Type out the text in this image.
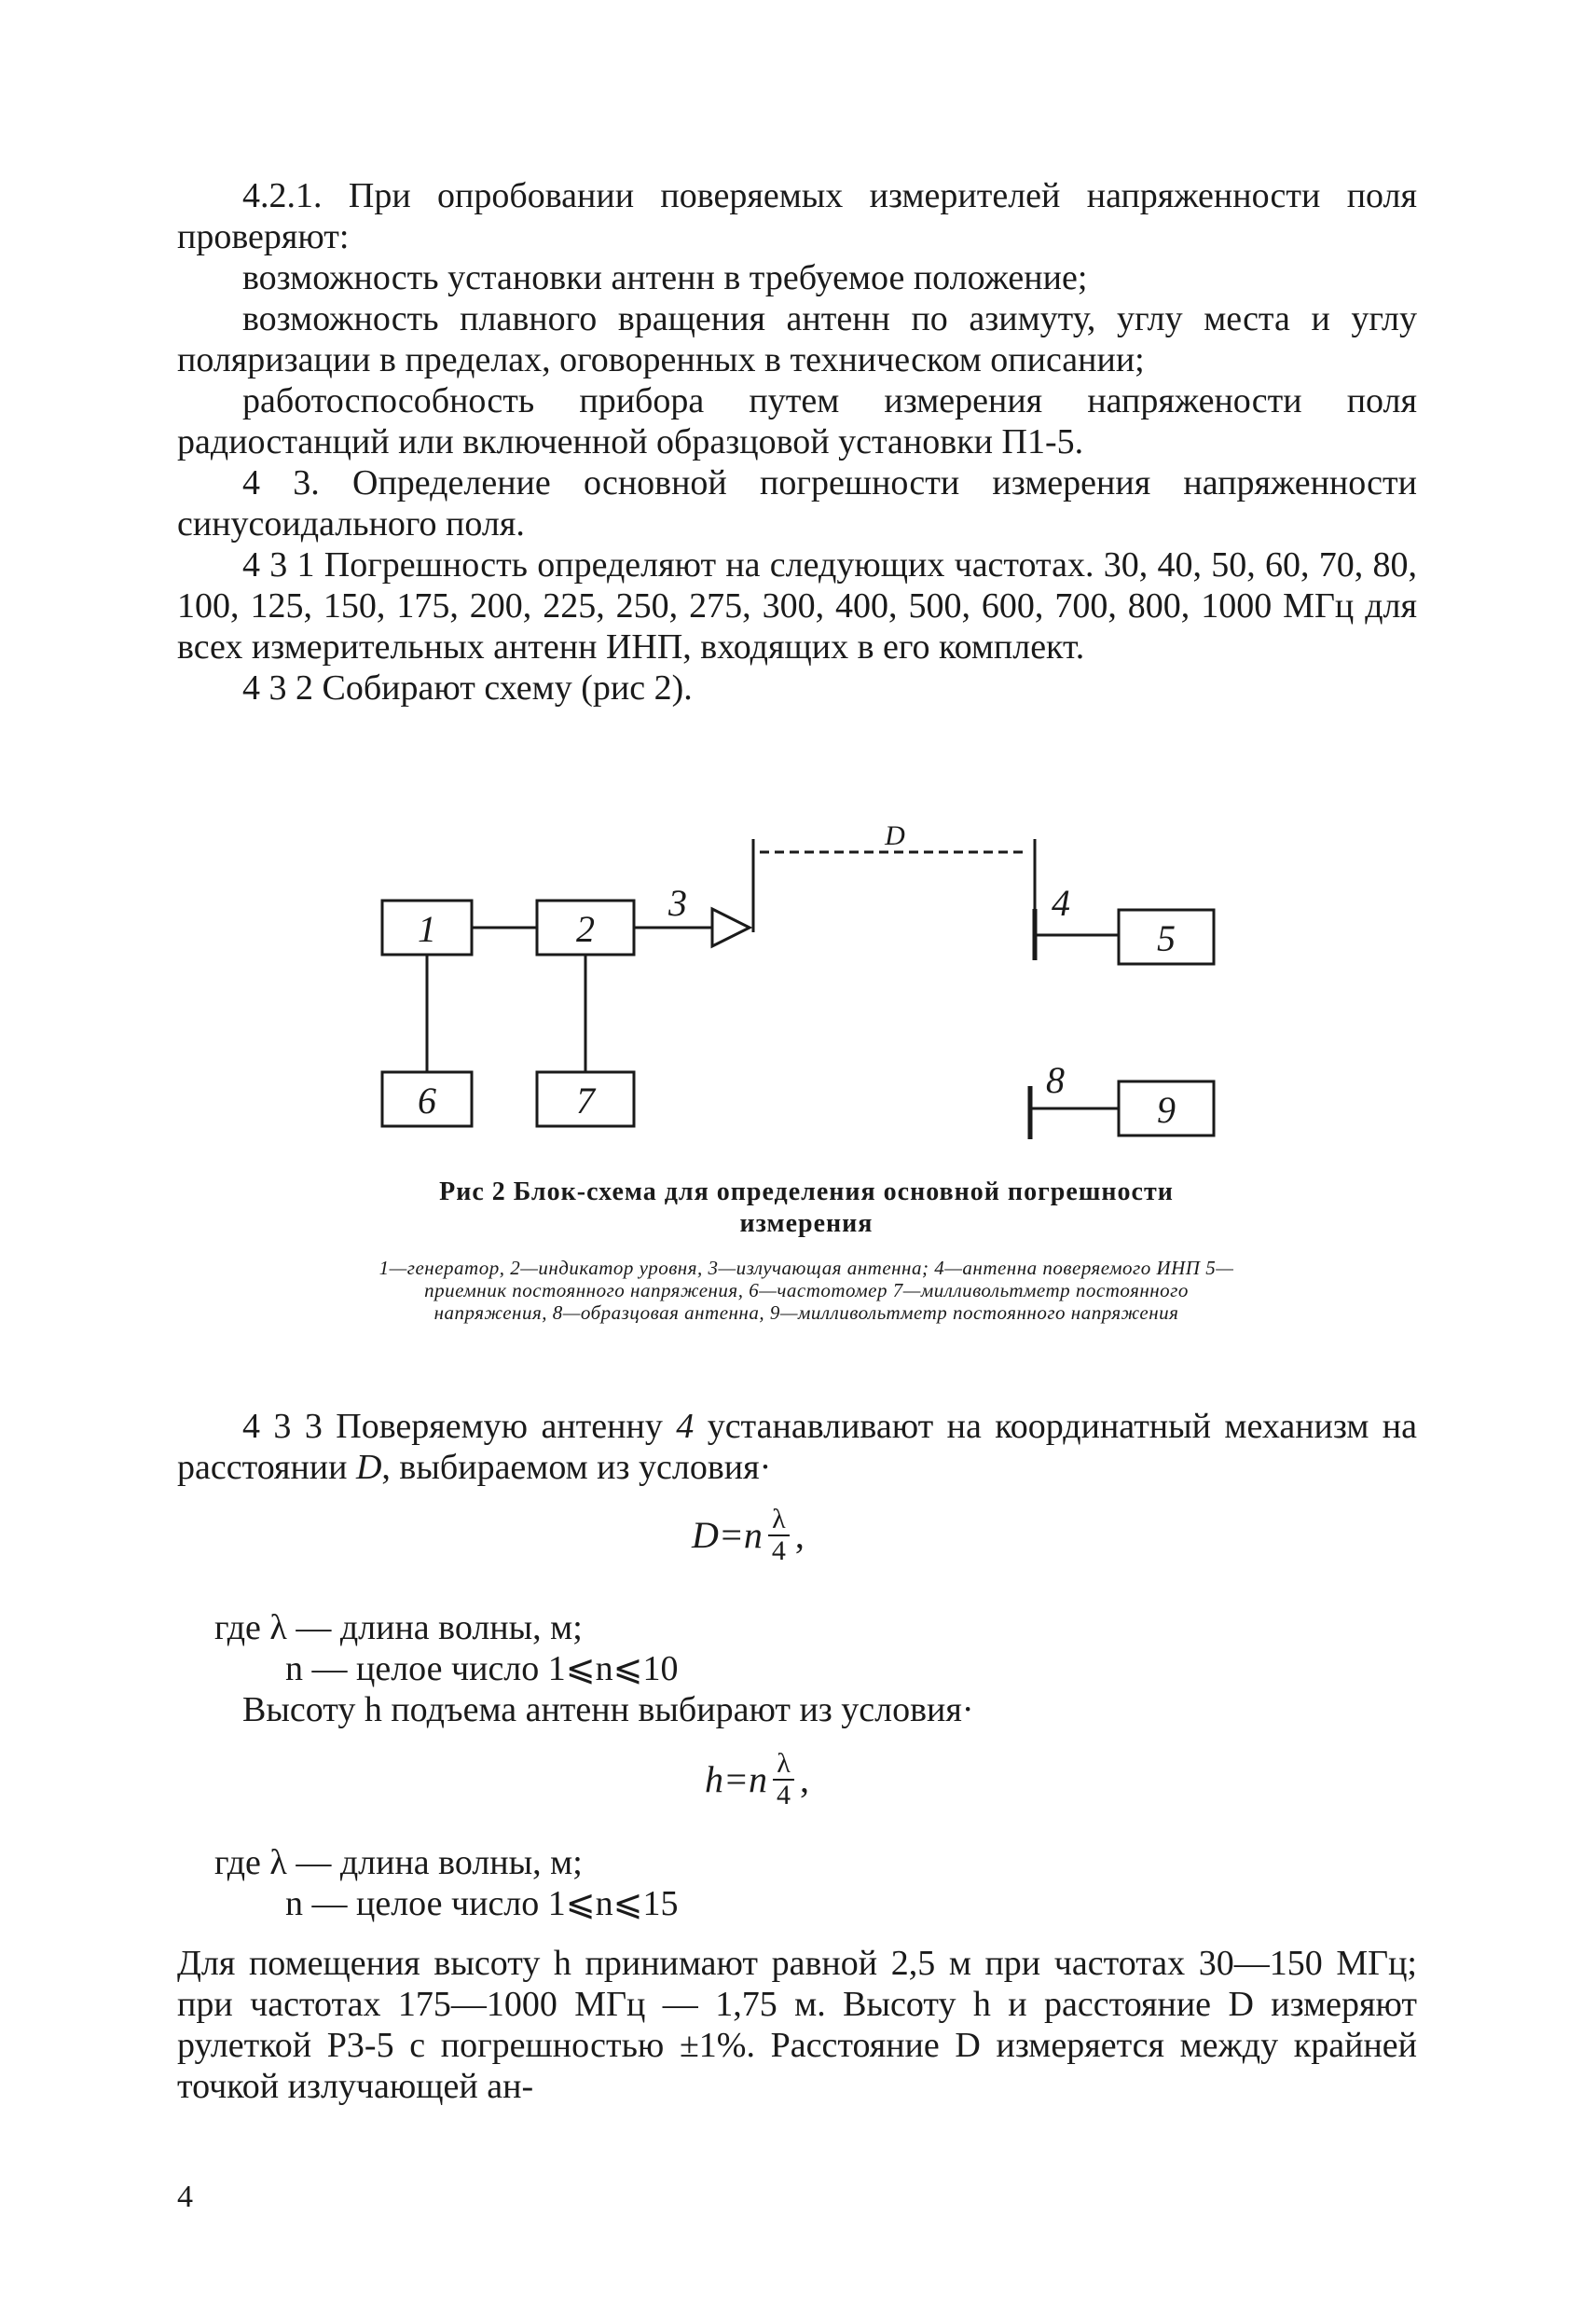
4.2.1. При опробовании поверяемых измерителей напряженности поля проверяют:

возможность установки антенн в требуемое положение;

возможность плавного вращения антенн по азимуту, углу места и углу поляризации в пределах, оговоренных в техническом описании;

работоспособность прибора путем измерения напряжености поля радиостанций или включенной образцовой установки П1-5.

4 3. Определение основной погрешности измерения напряженности синусоидального поля.

4 3 1 Погрешность определяют на следующих частотах. 30, 40, 50, 60, 70, 80, 100, 125, 150, 175, 200, 225, 250, 275, 300, 400, 500, 600, 700, 800, 1000 МГц для всех измерительных антенн ИНП, входящих в его комплект.

4 3 2 Собирают схему (рис 2).

1	2	5
6	7	9
3	4
8
D
Рис 2 Блок-схема для определения основной погрешности измерения
1—генератор, 2—индикатор уровня, 3—излучающая антенна; 4—антенна поверяемого ИНП 5—приемник постоянного напряжения, 6—частотомер 7—милливольтметр постоянного напряжения, 8—образцовая антенна, 9—милливольтметр постоянного напряжения

4 3 3 Поверяемую антенну 4 устанавливают на координатный механизм на расстоянии D, выбираемом из условия·

$D=n \frac{\lambda}{4}$ ,
где λ — длина волны, м;
n — целое число 1⩽n⩽10

Высоту h подъема антенн выбирают из условия·

$h=n \frac{\lambda}{4}$ ,
где λ — длина волны, м;
n — целое число 1⩽n⩽15

Для помещения высоту h принимают равной 2,5 м при частотах 30—150 МГц; при частотах 175—1000 МГц — 1,75 м. Высоту h и расстояние D измеряют рулеткой Р3-5 с погрешностью ±1%. Расстояние D измеряется между крайней точкой излучающей ан-

4
